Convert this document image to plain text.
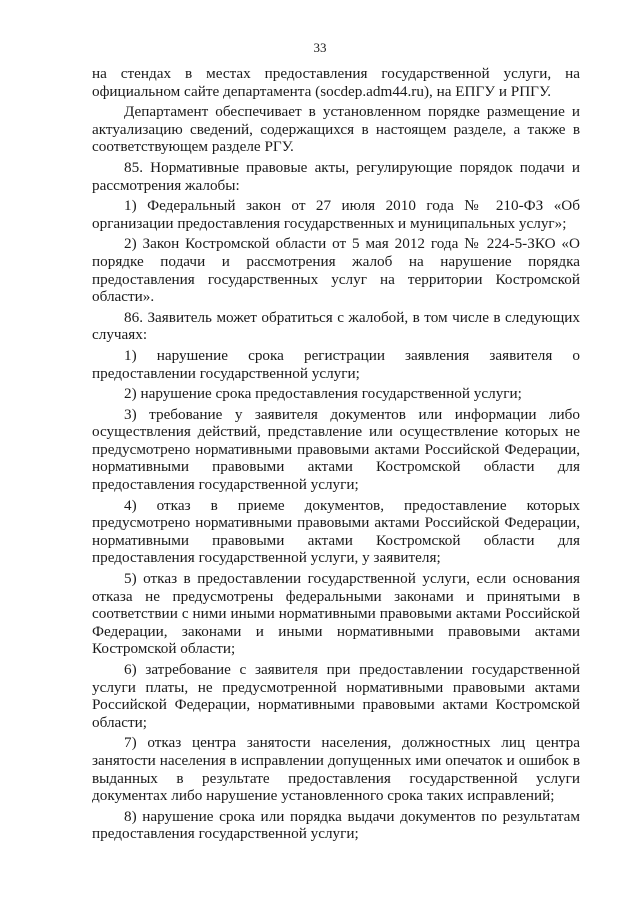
33

на стендах в местах предоставления государственной услуги, на официальном сайте департамента (socdep.adm44.ru), на ЕПГУ и РПГУ.

Департамент обеспечивает в установленном порядке размещение и актуализацию сведений, содержащихся в настоящем разделе, а также в соответствующем разделе РГУ.

85. Нормативные правовые акты, регулирующие порядок подачи и рассмотрения жалобы:

1) Федеральный закон от 27 июля 2010 года № 210-ФЗ «Об организации предоставления государственных и муниципальных услуг»;

2) Закон Костромской области от 5 мая 2012 года № 224-5-ЗКО «О порядке подачи и рассмотрения жалоб на нарушение порядка предоставления государственных услуг на территории Костромской области».

86. Заявитель может обратиться с жалобой, в том числе в следующих случаях:

1) нарушение срока регистрации заявления заявителя о предоставлении государственной услуги;

2) нарушение срока предоставления государственной услуги;

3) требование у заявителя документов или информации либо осуществления действий, представление или осуществление которых не предусмотрено нормативными правовыми актами Российской Федерации, нормативными правовыми актами Костромской области для предоставления государственной услуги;

4) отказ в приеме документов, предоставление которых предусмотрено нормативными правовыми актами Российской Федерации, нормативными правовыми актами Костромской области для предоставления государственной услуги, у заявителя;

5) отказ в предоставлении государственной услуги, если основания отказа не предусмотрены федеральными законами и принятыми в соответствии с ними иными нормативными правовыми актами Российской Федерации, законами и иными нормативными правовыми актами Костромской области;

6) затребование с заявителя при предоставлении государственной услуги платы, не предусмотренной нормативными правовыми актами Российской Федерации, нормативными правовыми актами Костромской области;

7) отказ центра занятости населения, должностных лиц центра занятости населения в исправлении допущенных ими опечаток и ошибок в выданных в результате предоставления государственной услуги документах либо нарушение установленного срока таких исправлений;

8) нарушение срока или порядка выдачи документов по результатам предоставления государственной услуги;
